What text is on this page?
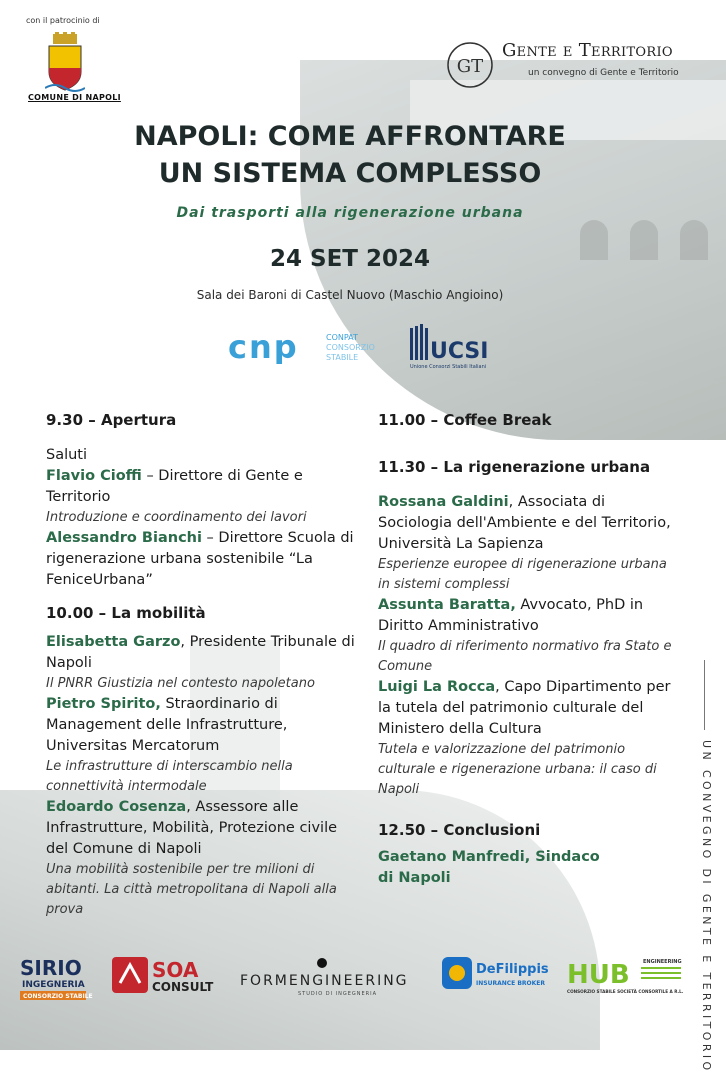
con il patrocinio di
COMUNE DI NAPOLI
GT
Gente e Territorio
un convegno di Gente e Territorio
NAPOLI: COME AFFRONTARE
UN SISTEMA COMPLESSO
Dai trasporti alla rigenerazione urbana
24 SET 2024
Sala dei Baroni di Castel Nuovo (Maschio Angioino)
cnp	CONPAT
CONSORZIO
STABILE	UCSI
Unione Consorzi Stabili Italiani

9.30 – Apertura

Saluti

Flavio Cioffi – Direttore di Gente e Territorio

Introduzione e coordinamento dei lavori

Alessandro Bianchi – Direttore Scuola di rigenerazione urbana sostenibile “La FeniceUrbana”

10.00 – La mobilità

Elisabetta Garzo, Presidente Tribunale di Napoli

Il PNRR Giustizia nel contesto napoletano

Pietro Spirito, Straordinario di Management delle Infrastrutture, Universitas Mercatorum

Le infrastrutture di interscambio nella connettività intermodale

Edoardo Cosenza, Assessore alle Infrastrutture, Mobilità, Protezione civile del Comune di Napoli

Una mobilità sostenibile per tre milioni di abitanti. La città metropolitana di Napoli alla prova

11.00 – Coffee Break

11.30 – La rigenerazione urbana

Rossana Galdini, Associata di Sociologia dell'Ambiente e del Territorio, Università La Sapienza

Esperienze europee di rigenerazione urbana in sistemi complessi

Assunta Baratta, Avvocato, PhD in Diritto Amministrativo

Il quadro di riferimento normativo fra Stato e Comune

Luigi La Rocca, Capo Dipartimento per la tutela del patrimonio culturale del Ministero della Cultura

Tutela e valorizzazione del patrimonio culturale e rigenerazione urbana: il caso di Napoli

12.50 – Conclusioni

Gaetano Manfredi, Sindaco di Napoli	UN CONVEGNO DI GENTE E TERRITORIO
SIRIO
INGEGNERIA
CONSORZIO STABILE
SOA
CONSULT FORMENGINEERING
STUDIO DI INGEGNERIA
DeFilippis
INSURANCE BROKER HUB	ENGINEERING
CONSORZIO STABILE SOCIETÀ CONSORTILE A R.L.
